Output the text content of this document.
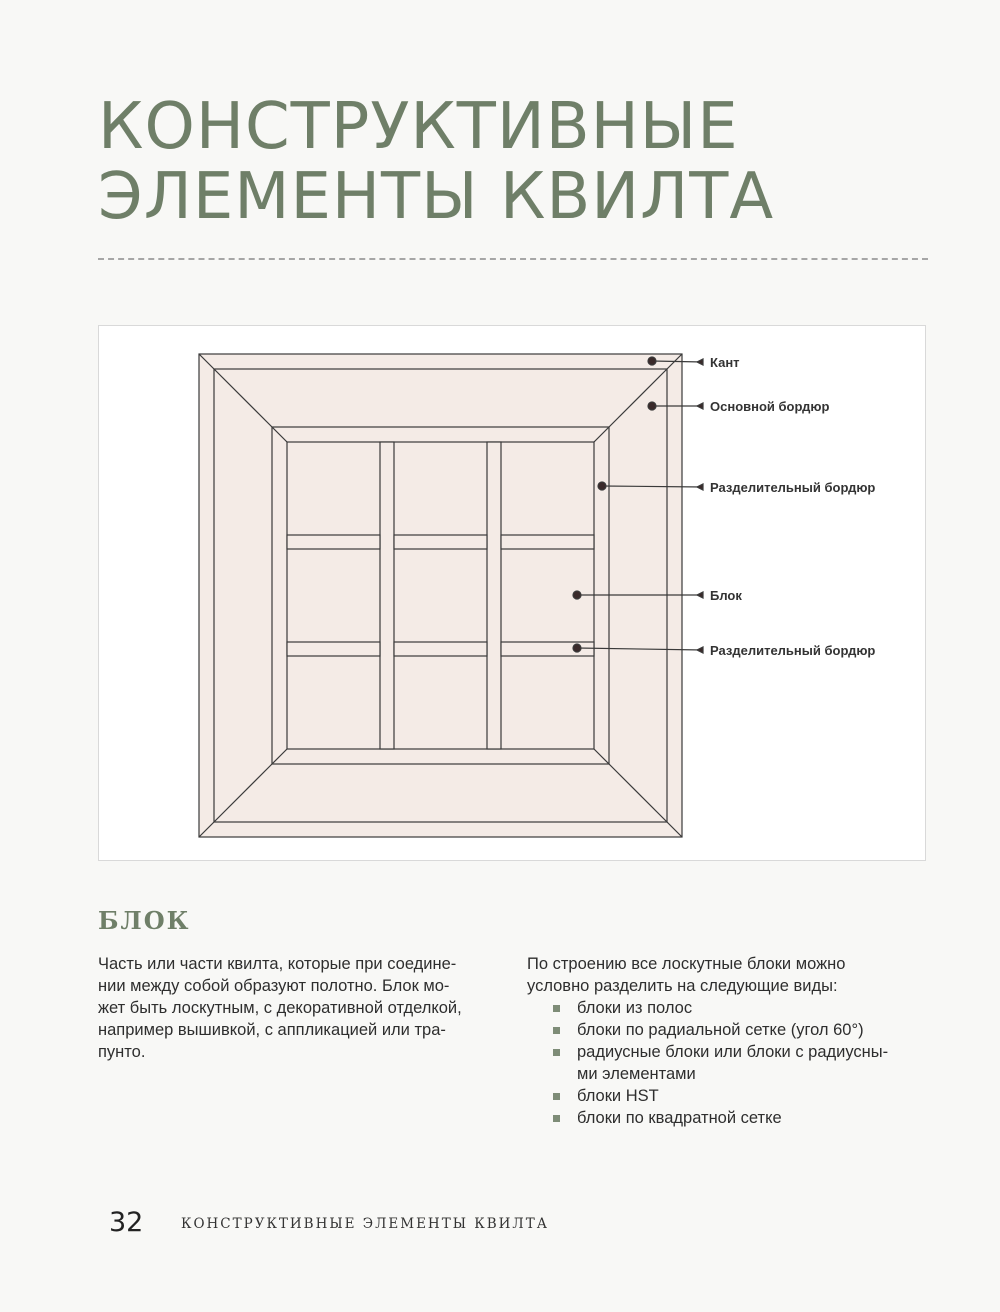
КОНСТРУКТИВНЫЕ
ЭЛЕМЕНТЫ КВИЛТА
Кант
Основной бордюр
Разделительный бордюр
Блок
Разделительный бордюр
БЛОК

Часть или части квилта, которые при соедине-
нии между собой образуют полотно. Блок мо-
жет быть лоскутным, с декоративной отделкой,
например вышивкой, с аппликацией или тра-
пунто.

По строению все лоскутные блоки можно
условно разделить на следующие виды:

блоки из полос
блоки по радиальной сетке (угол 60°)
радиусные блоки или блоки с радиусны-
ми элементами
блоки HST
блоки по квадратной сетке
32	КОНСТРУКТИВНЫЕ ЭЛЕМЕНТЫ КВИЛТА
